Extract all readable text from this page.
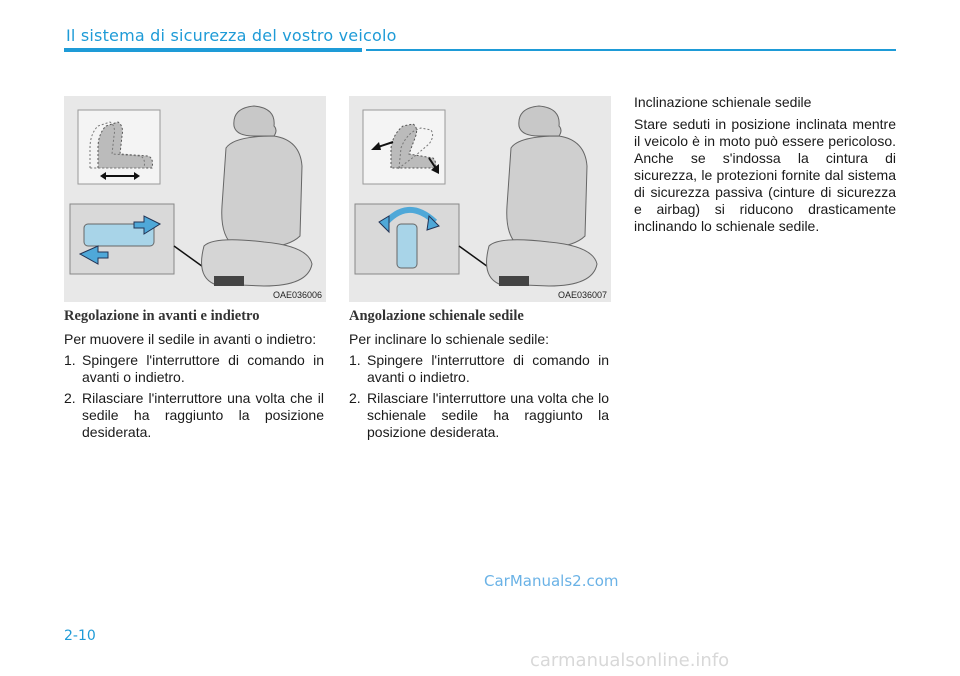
Il sistema di sicurezza del vostro veicolo
OAE036006	OAE036007
Regolazione in avanti e indietro

Per muovere il sedile in avanti o indietro:

1. Spingere l'interruttore di comando in avanti o indietro.
2. Rilasciare l'interruttore una volta che il sedile ha raggiunto la posizione desiderata.
Angolazione schienale sedile

Per inclinare lo schienale sedile:

1. Spingere l'interruttore di comando in avanti o indietro.
2. Rilasciare l'interruttore una volta che lo schienale sedile ha raggiunto la posizione desiderata.

Inclinazione schienale sedile

Stare seduti in posizione inclinata mentre il veicolo è in moto può essere pericoloso. Anche se s'indossa la cintura di sicurezza, le protezioni fornite dal sistema di sicurezza passiva (cinture di sicurezza e airbag) si riducono drasticamente inclinando lo schienale sedile.
CarManuals2.com
2-10
carmanualsonline.info
